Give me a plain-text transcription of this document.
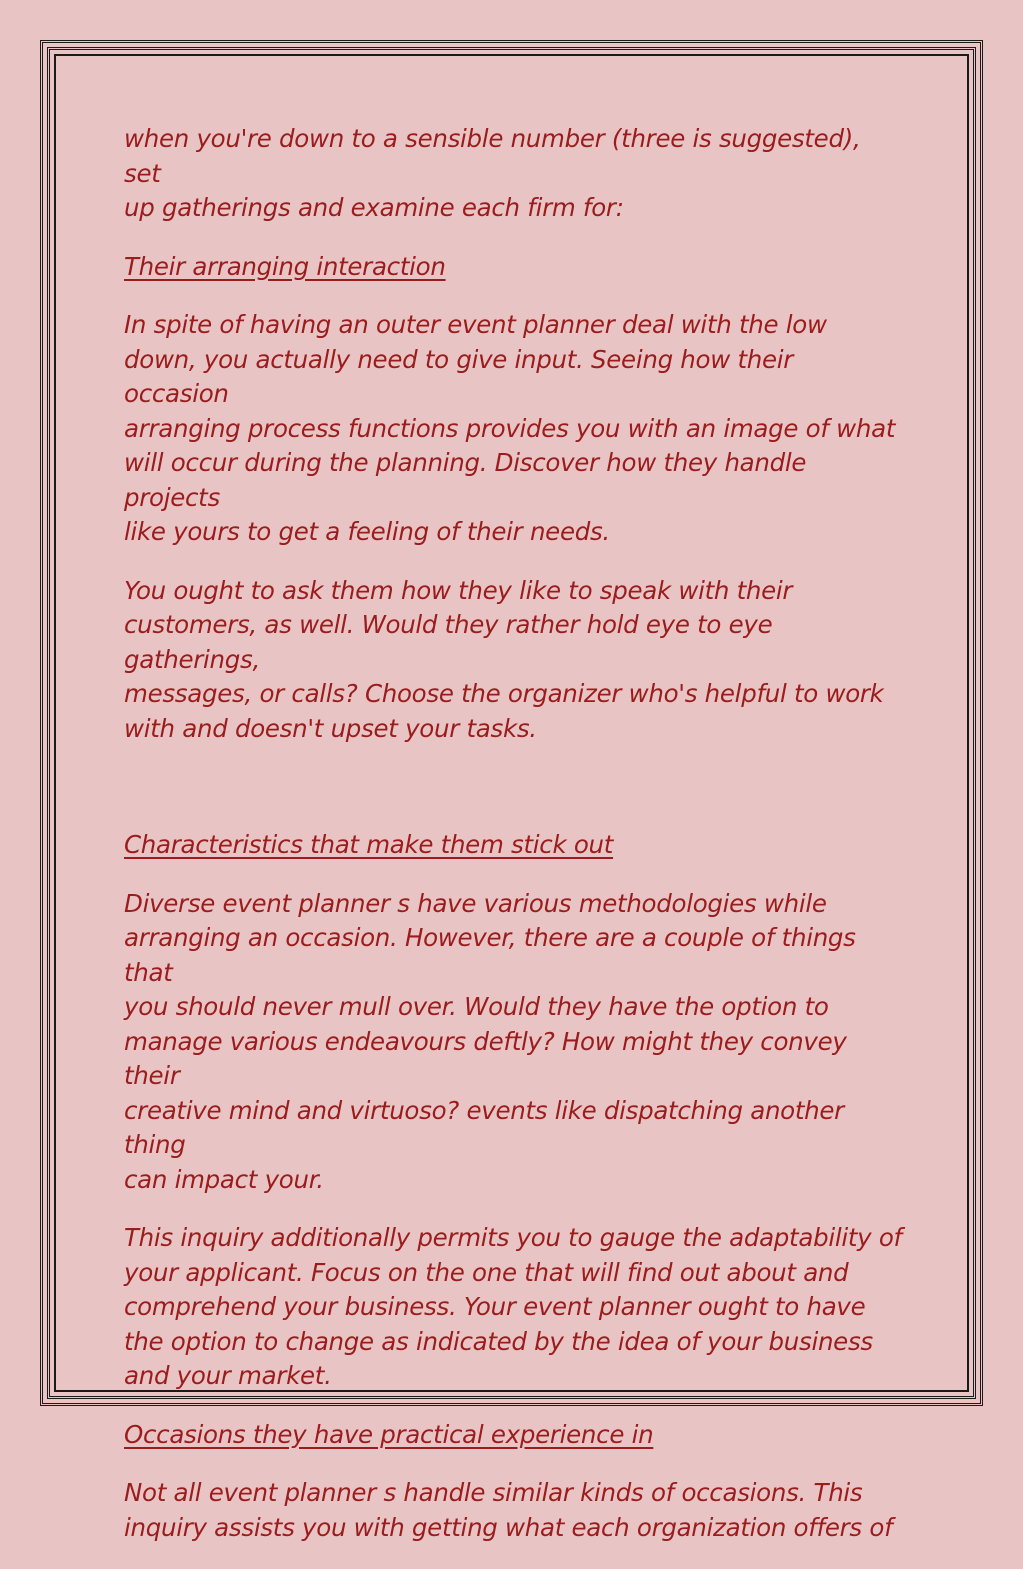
when you're down to a sensible number (three is suggested), set
up gatherings and examine each firm for:

Their arranging interaction

In spite of having an outer event planner deal with the low
down, you actually need to give input. Seeing how their occasion
arranging process functions provides you with an image of what
will occur during the planning. Discover how they handle projects
like yours to get a feeling of their needs.

You ought to ask them how they like to speak with their
customers, as well. Would they rather hold eye to eye gatherings,
messages, or calls? Choose the organizer who's helpful to work
with and doesn't upset your tasks.

Characteristics that make them stick out

Diverse event planner s have various methodologies while
arranging an occasion. However, there are a couple of things that
you should never mull over. Would they have the option to
manage various endeavours deftly? How might they convey their
creative mind and virtuoso? events like dispatching another thing
can impact your.

This inquiry additionally permits you to gauge the adaptability of
your applicant. Focus on the one that will find out about and
comprehend your business. Your event planner ought to have
the option to change as indicated by the idea of your business
and your market.

Occasions they have practical experience in

Not all event planner s handle similar kinds of occasions. This
inquiry assists you with getting what each organization offers of
